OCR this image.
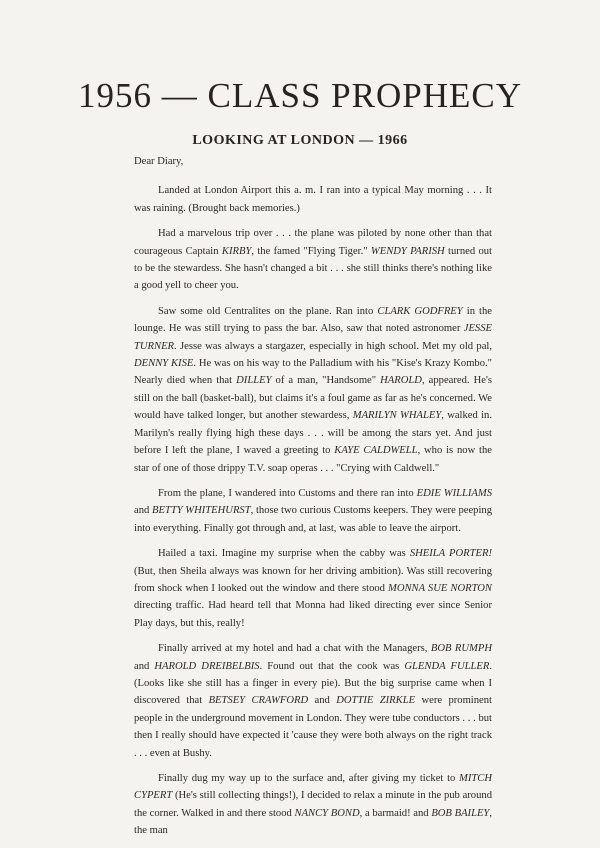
1956 — CLASS PROPHECY
LOOKING AT LONDON — 1966

Dear Diary,

Landed at London Airport this a. m. I ran into a typical May morning . . . It was raining. (Brought back memories.)

Had a marvelous trip over . . . the plane was piloted by none other than that courageous Captain KIRBY, the famed "Flying Tiger." WENDY PARISH turned out to be the stewardess. She hasn't changed a bit . . . she still thinks there's nothing like a good yell to cheer you.

Saw some old Centralites on the plane. Ran into CLARK GODFREY in the lounge. He was still trying to pass the bar. Also, saw that noted astronomer JESSE TURNER. Jesse was always a stargazer, especially in high school. Met my old pal, DENNY KISE. He was on his way to the Palladium with his "Kise's Krazy Kombo." Nearly died when that DILLEY of a man, "Handsome" HAROLD, appeared. He's still on the ball (basket-ball), but claims it's a foul game as far as he's concerned. We would have talked longer, but another stewardess, MARILYN WHALEY, walked in. Marilyn's really flying high these days . . . will be among the stars yet. And just before I left the plane, I waved a greeting to KAYE CALDWELL, who is now the star of one of those drippy T.V. soap operas . . . "Crying with Caldwell."

From the plane, I wandered into Customs and there ran into EDIE WILLIAMS and BETTY WHITEHURST, those two curious Customs keepers. They were peeping into everything. Finally got through and, at last, was able to leave the airport.

Hailed a taxi. Imagine my surprise when the cabby was SHEILA PORTER! (But, then Sheila always was known for her driving ambition). Was still recovering from shock when I looked out the window and there stood MONNA SUE NORTON directing traffic. Had heard tell that Monna had liked directing ever since Senior Play days, but this, really!

Finally arrived at my hotel and had a chat with the Managers, BOB RUMPH and HAROLD DREIBELBIS. Found out that the cook was GLENDA FULLER. (Looks like she still has a finger in every pie). But the big surprise came when I discovered that BETSEY CRAWFORD and DOTTIE ZIRKLE were prominent people in the underground movement in London. They were tube conductors . . . but then I really should have expected it 'cause they were both always on the right track . . . even at Bushy.

Finally dug my way up to the surface and, after giving my ticket to MITCH CYPERT (He's still collecting things!), I decided to relax a minute in the pub around the corner. Walked in and there stood NANCY BOND, a barmaid! and BOB BAILEY, the man
